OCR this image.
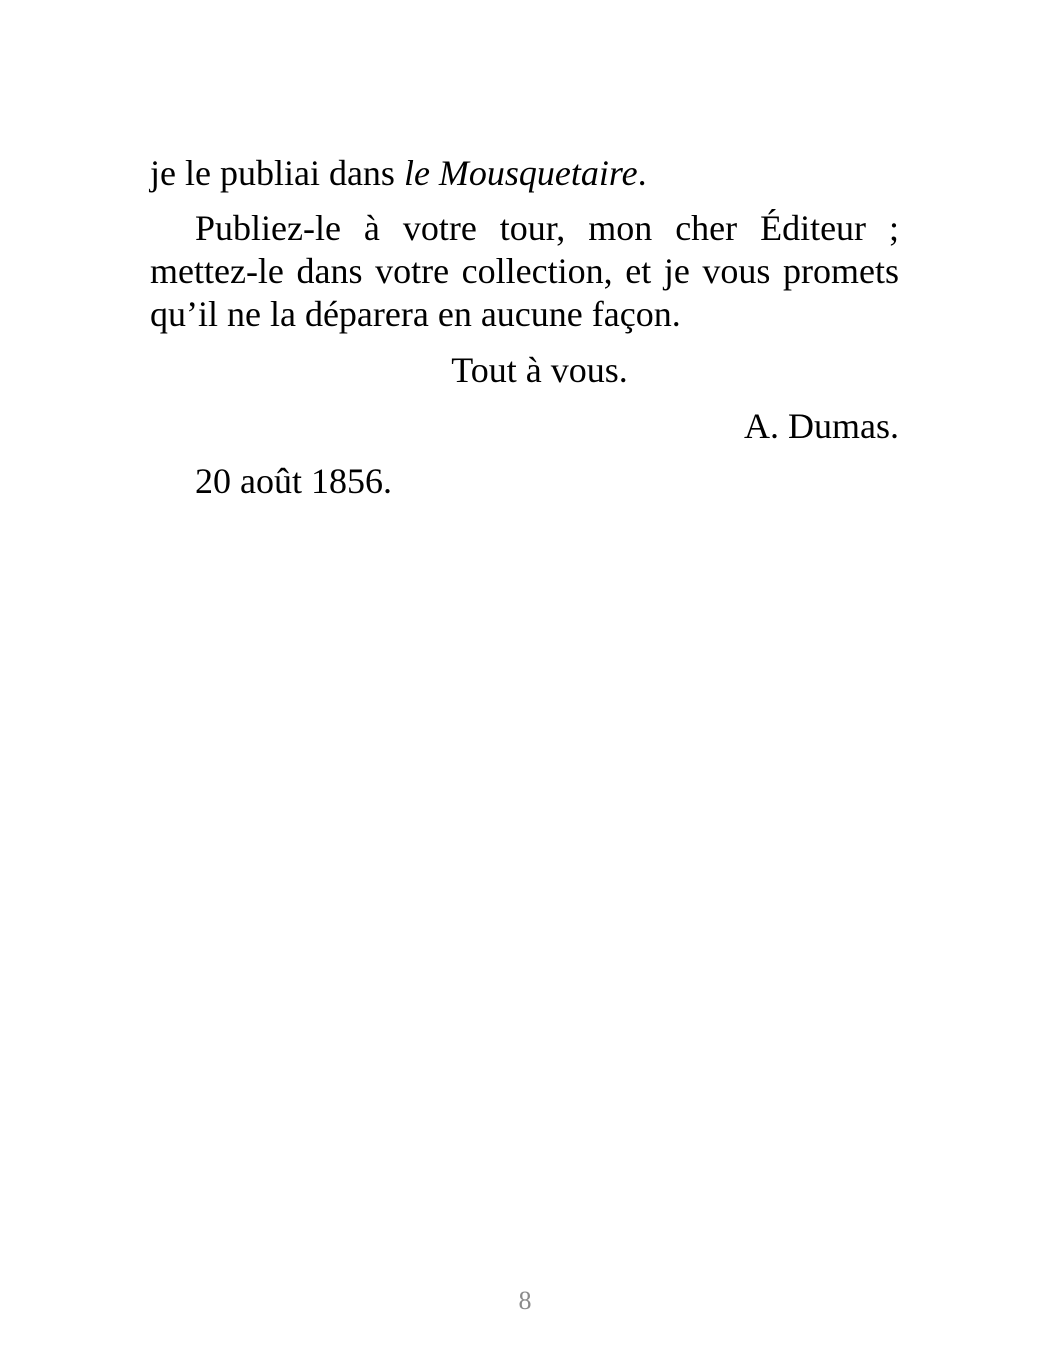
je le publiai dans le Mousquetaire.

Publiez-le à votre tour, mon cher Éditeur ; mettez-le dans votre collection, et je vous promets qu’il ne la déparera en aucune façon.

Tout à vous.

A. Dumas.

20 août 1856.

8
